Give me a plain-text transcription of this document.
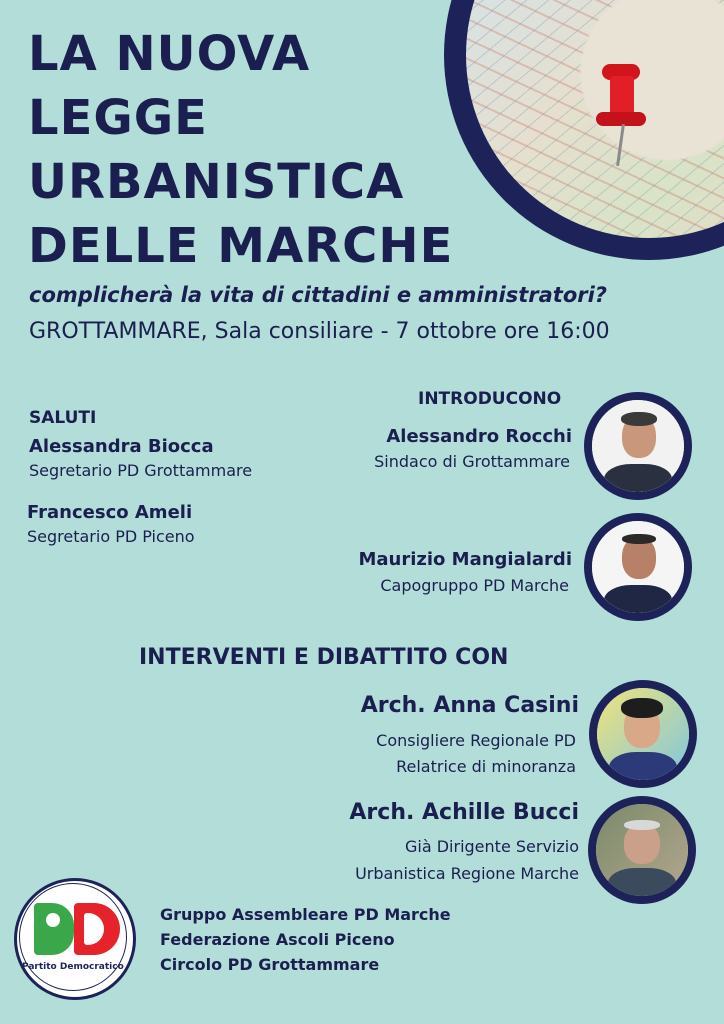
LA NUOVA LEGGE URBANISTICA DELLE MARCHE
complicherà la vita di cittadini e amministratori?
GROTTAMMARE, Sala consiliare - 7 ottobre ore 16:00
SALUTI
Alessandra Biocca
Segretario PD Grottammare
Francesco Ameli
Segretario PD Piceno
INTRODUCONO
Alessandro Rocchi
Sindaco di Grottammare
Maurizio Mangialardi
Capogruppo PD Marche
INTERVENTI E DIBATTITO CON
Arch. Anna Casini
Consigliere Regionale PD
Relatrice di minoranza
Arch. Achille Bucci
Già Dirigente Servizio
Urbanistica Regione Marche
Partito Democratico
Gruppo Assembleare PD Marche
Federazione Ascoli Piceno
Circolo PD Grottammare
